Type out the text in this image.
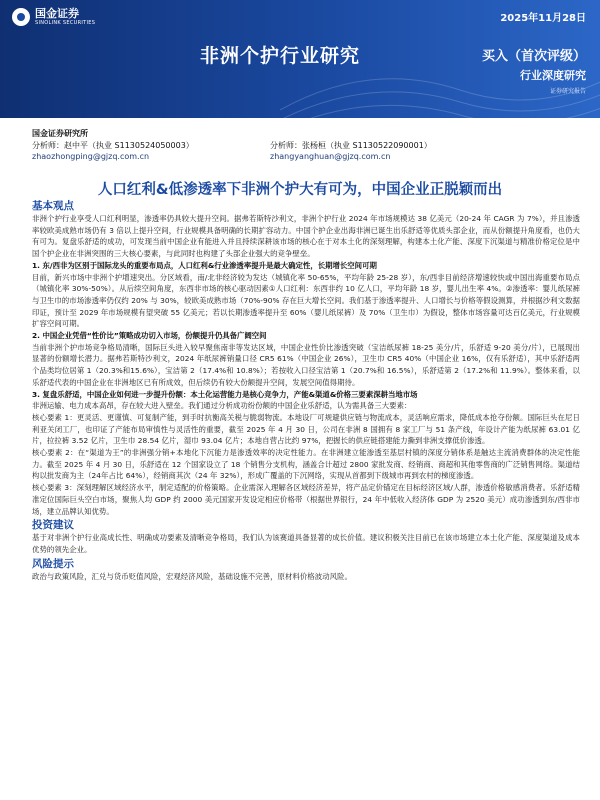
国金证券
SINOLINK SECURITIES	2025年11月28日
非洲个护行业研究	买入（首次评级）
行业深度研究
证券研究报告
国金证券研究所
分析师：赵中平（执业 S1130524050003）	分析师：张杨桓（执业 S1130522090001）
zhaozhongping@gjzq.com.cn	zhangyanghuan@gjzq.com.cn
人口红利&低渗透率下非洲个护大有可为，中国企业正脱颖而出
基本观点

非洲个护行业享受人口红利明显，渗透率仍具较大提升空间。据弗若斯特沙利文，非洲个护行业 2024 年市场规模达 38 亿美元（20-24 年 CAGR 为 7%），并且渗透率较欧美成熟市场仍有 3 倍以上提升空间，行业规模具备明确的长期扩容动力。中国个护企业出海非洲已诞生出乐舒适等优质头部企业，而从份额提升角度看，也仍大有可为。复盘乐舒适的成功，可发现当前中国企业有能进入并且持续深耕该市场的核心在于对本土化的深刻理解，构建本土化产能、深度下沉渠道与精准价格定位是中国个护企业在非洲突围的三大核心要素，与此同时也构建了头部企业强大的竞争壁垒。

1. 东/西非为区别于国际龙头的重要布局点，人口红利&行业渗透率提升是最大确定性，长期增长空间可期

目前，新兴市场中非洲个护增速突出。分区域看，南/北非经济较为发达（城镇化率 50-65%，平均年龄 25-28 岁），东/西非目前经济增速较快或中国出海重要布局点（城镇化率 30%-50%）。从后续空间角度，东西非市场的核心驱动因素①人口红利：东西非约 10 亿人口，平均年龄 18 岁，婴儿出生率 4%。②渗透率：婴儿纸尿裤与卫生巾的市场渗透率仍仅约 20% 与 30%，较欧美成熟市场（70%-90% 存在巨大增长空间。我们基于渗透率提升、人口增长与价格等假设测算，并根据沙利文数据印证，预计至 2029 年市场规模有望突破 55 亿美元；若以长期渗透率提升至 60%（婴儿纸尿裤）及 70%（卫生巾）为假设，整体市场容量可达百亿美元，行业规模扩容空间可期。

2. 中国企业凭借“性价比”策略成功切入市场，份额提升仍具备广阔空间

当前非洲个护市场竞争格局清晰，国际巨头进入较早聚焦南非等发达区域，中国企业性价比渗透突破（宝洁纸尿裤 18-25 美分/片，乐舒适 9-20 美分/片），已展现出显著的份额增长潜力。据弗若斯特沙利文，2024 年纸尿裤销量口径 CR5 61%（中国企业 26%），卫生巾 CR5 40%（中国企业 16%，仅有乐舒适），其中乐舒适两个品类均位居第 1（20.3%和15.6%），宝洁第 2（17.4%和 10.8%）；若按收入口径宝洁第 1（20.7%和 16.5%），乐舒适第 2（17.2%和 11.9%）。整体来看，以乐舒适代表的中国企业在非洲地区已有所成效，但后续仍有较大份额提升空间，发展空间值得期待。

3. 复盘乐舒适，中国企业如何进一步提升份额：本土化运营能力是核心竞争力，产能&渠道&价格三要素深耕当地市场

非洲运输、电力成本高昂，存在较大进入壁垒。我们通过分析成功纷份额的中国企业乐舒适，认为需具备三大要素：

核心要素 1：更灵活、更谨慎、可复制产能，到手时抗衡高关税与脆弱物流。本地设厂可规避供应链与物流成本，灵活响应需求，降低成本抢夺份额。国际巨头在尼日利亚关闭工厂，也印证了产能布局审慎性与灵活性的重要，截至 2025 年 4 月 30 日，公司在非洲 8 国拥有 8 家工厂与 51 条产线，年设计产能为纸尿裤 63.01 亿片，拉拉裤 3.52 亿片，卫生巾 28.54 亿片，湿巾 93.04 亿片；本地自营占比约 97%，把握长的供应链搭建能力撕到非洲支撑低价渗透。

核心要素 2：在“渠道为王”的非洲强分销+本地化下沉能力是渗透效率的决定性能力。在非洲建立能渗透至基层村镇的深度分销体系是触达主流消费群体的决定性能力。截至 2025 年 4 月 30 日，乐舒适在 12 个国家设立了 18 个销售分支机构，涵盖合计超过 2800 家批发商、经销商、商超和其他零售商的广泛销售网络。渠道结构以批发商为主（24年占比 64%），经销商其次（24 年 32%），形成广覆盖的下沉网络，实现从首都到下级城市再到农村的梯度渗透。

核心要素 3：深刻理解区域经济水平，制定适配的价格策略。企业需深入理解各区域经济差异，将产品定价锚定在目标经济区域/人群，渗透价格敏感消费者。乐舒适精准定位国际巨头空白市场，聚焦人均 GDP 约 2000 美元国家开发设定相应价格带（根据世界银行，24 年中低收入经济体 GDP 为 2520 美元）成功渗透到东/西非市场，建立品牌认知优势。

投资建议

基于对非洲个护行业高成长性、明确成功要素及清晰竞争格局，我们认为该赛道具备显著的成长价值。建议积极关注目前已在该市场建立本土化产能、深度渠道及成本优势的领先企业。

风险提示

政治与政策风险，汇兑与货币贬值风险，宏观经济风险，基础设施不完善，原材料价格波动风险。
